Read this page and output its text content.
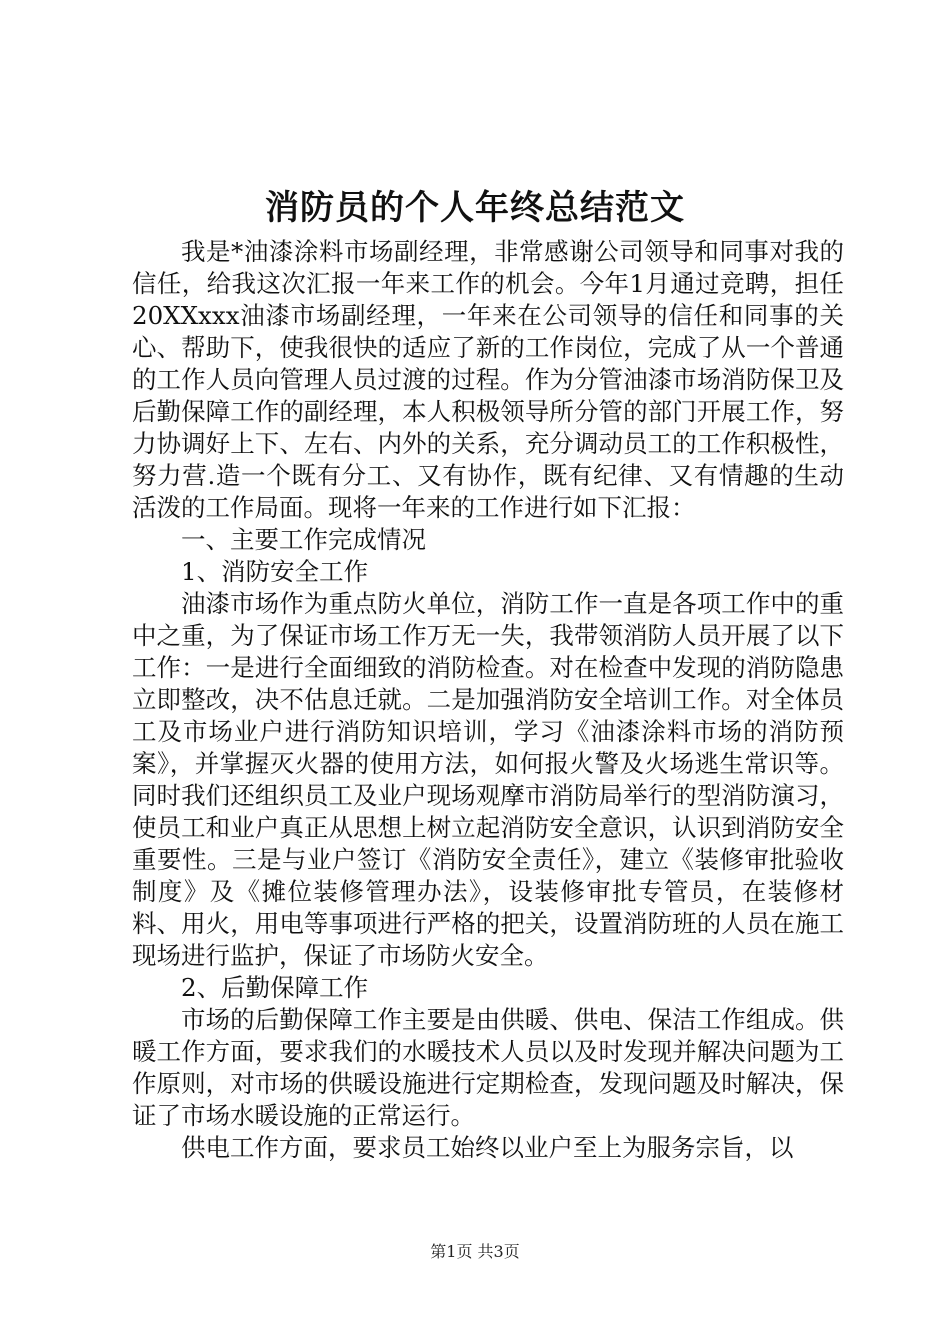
消防员的个人年终总结范文

我是*油漆涂料市场副经理，非常感谢公司领导和同事对我的信任，给我这次汇报一年来工作的机会。今年1月通过竞聘，担任20XXxxx油漆市场副经理，一年来在公司领导的信任和同事的关心、帮助下，使我很快的适应了新的工作岗位，完成了从一个普通的工作人员向管理人员过渡的过程。作为分管油漆市场消防保卫及后勤保障工作的副经理，本人积极领导所分管的部门开展工作，努力协调好上下、左右、内外的关系，充分调动员工的工作积极性，努力营.造一个既有分工、又有协作，既有纪律、又有情趣的生动活泼的工作局面。现将一年来的工作进行如下汇报：

一、主要工作完成情况

1、消防安全工作

油漆市场作为重点防火单位，消防工作一直是各项工作中的重中之重，为了保证市场工作万无一失，我带领消防人员开展了以下工作：一是进行全面细致的消防检查。对在检查中发现的消防隐患立即整改，决不估息迁就。二是加强消防安全培训工作。对全体员工及市场业户进行消防知识培训，学习《油漆涂料市场的消防预案》，并掌握灭火器的使用方法，如何报火警及火场逃生常识等。同时我们还组织员工及业户现场观摩市消防局举行的型消防演习，使员工和业户真正从思想上树立起消防安全意识，认识到消防安全重要性。三是与业户签订《消防安全责任》，建立《装修审批验收制度》及《摊位装修管理办法》，设装修审批专管员，在装修材料、用火，用电等事项进行严格的把关，设置消防班的人员在施工现场进行监护，保证了市场防火安全。

2、后勤保障工作

市场的后勤保障工作主要是由供暖、供电、保洁工作组成。供暖工作方面，要求我们的水暖技术人员以及时发现并解决问题为工作原则，对市场的供暖设施进行定期检查，发现问题及时解决，保证了市场水暖设施的正常运行。

供电工作方面，要求员工始终以业户至上为服务宗旨，以

第1页 共3页
